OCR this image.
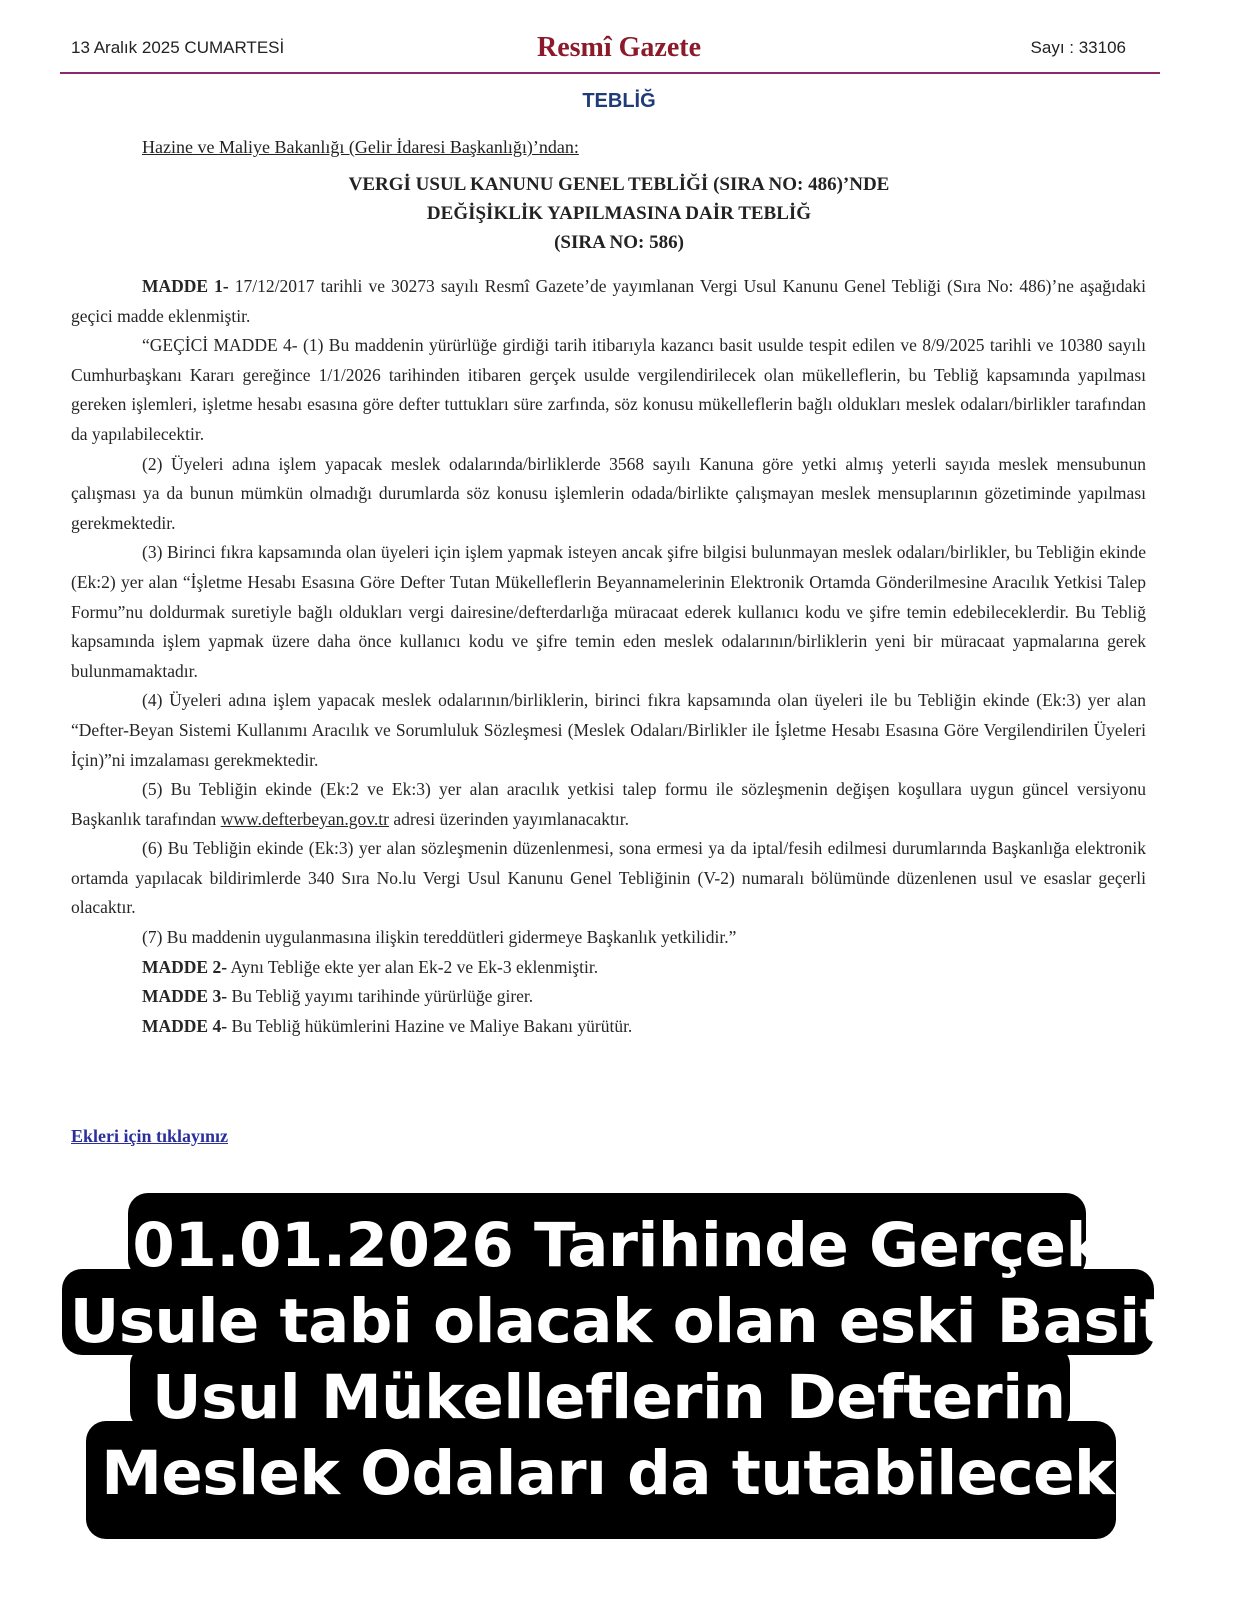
13 Aralık 2025 CUMARTESİ	Resmî Gazete	Sayı : 33106
TEBLİĞ
Hazine ve Maliye Bakanlığı (Gelir İdaresi Başkanlığı)’ndan:
VERGİ USUL KANUNU GENEL TEBLİĞİ (SIRA NO: 486)’NDE
DEĞİŞİKLİK YAPILMASINA DAİR TEBLİĞ
(SIRA NO: 586)

MADDE 1- 17/12/2017 tarihli ve 30273 sayılı Resmî Gazete’de yayımlanan Vergi Usul Kanunu Genel Tebliği (Sıra No: 486)’ne aşağıdaki geçici madde eklenmiştir.

“GEÇİCİ MADDE 4- (1) Bu maddenin yürürlüğe girdiği tarih itibarıyla kazancı basit usulde tespit edilen ve 8/9/2025 tarihli ve 10380 sayılı Cumhurbaşkanı Kararı gereğince 1/1/2026 tarihinden itibaren gerçek usulde vergilendirilecek olan mükelleflerin, bu Tebliğ kapsamında yapılması gereken işlemleri, işletme hesabı esasına göre defter tuttukları süre zarfında, söz konusu mükelleflerin bağlı oldukları meslek odaları/birlikler tarafından da yapılabilecektir.

(2) Üyeleri adına işlem yapacak meslek odalarında/birliklerde 3568 sayılı Kanuna göre yetki almış yeterli sayıda meslek mensubunun çalışması ya da bunun mümkün olmadığı durumlarda söz konusu işlemlerin odada/birlikte çalışmayan meslek mensuplarının gözetiminde yapılması gerekmektedir.

(3) Birinci fıkra kapsamında olan üyeleri için işlem yapmak isteyen ancak şifre bilgisi bulunmayan meslek odaları/birlikler, bu Tebliğin ekinde (Ek:2) yer alan “İşletme Hesabı Esasına Göre Defter Tutan Mükelleflerin Beyannamelerinin Elektronik Ortamda Gönderilmesine Aracılık Yetkisi Talep Formu”nu doldurmak suretiyle bağlı oldukları vergi dairesine/defterdarlığa müracaat ederek kullanıcı kodu ve şifre temin edebileceklerdir. Bu Tebliğ kapsamında işlem yapmak üzere daha önce kullanıcı kodu ve şifre temin eden meslek odalarının/birliklerin yeni bir müracaat yapmalarına gerek bulunmamaktadır.

(4) Üyeleri adına işlem yapacak meslek odalarının/birliklerin, birinci fıkra kapsamında olan üyeleri ile bu Tebliğin ekinde (Ek:3) yer alan “Defter-Beyan Sistemi Kullanımı Aracılık ve Sorumluluk Sözleşmesi (Meslek Odaları/Birlikler ile İşletme Hesabı Esasına Göre Vergilendirilen Üyeleri İçin)”ni imzalaması gerekmektedir.

(5) Bu Tebliğin ekinde (Ek:2 ve Ek:3) yer alan aracılık yetkisi talep formu ile sözleşmenin değişen koşullara uygun güncel versiyonu Başkanlık tarafından www.defterbeyan.gov.tr adresi üzerinden yayımlanacaktır.

(6) Bu Tebliğin ekinde (Ek:3) yer alan sözleşmenin düzenlenmesi, sona ermesi ya da iptal/fesih edilmesi durumlarında Başkanlığa elektronik ortamda yapılacak bildirimlerde 340 Sıra No.lu Vergi Usul Kanunu Genel Tebliğinin (V-2) numaralı bölümünde düzenlenen usul ve esaslar geçerli olacaktır.

(7) Bu maddenin uygulanmasına ilişkin tereddütleri gidermeye Başkanlık yetkilidir.”

MADDE 2- Aynı Tebliğe ekte yer alan Ek-2 ve Ek-3 eklenmiştir.

MADDE 3- Bu Tebliğ yayımı tarihinde yürürlüğe girer.

MADDE 4- Bu Tebliğ hükümlerini Hazine ve Maliye Bakanı yürütür.

Ekleri için tıklayınız
01.01.2026 Tarihinde Gerçek
Usule tabi olacak olan eski Basit
Usul Mükelleflerin Defterini
Meslek Odaları da tutabilecek.
